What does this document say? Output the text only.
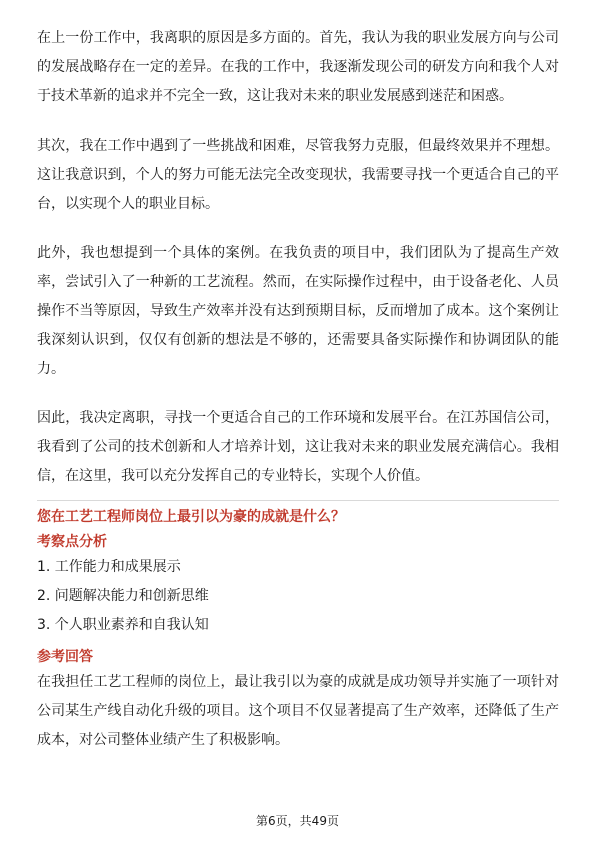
在上一份工作中，我离职的原因是多方面的。首先，我认为我的职业发展方向与公司的发展战略存在一定的差异。在我的工作中，我逐渐发现公司的研发方向和我个人对于技术革新的追求并不完全一致，这让我对未来的职业发展感到迷茫和困惑。

其次，我在工作中遇到了一些挑战和困难，尽管我努力克服，但最终效果并不理想。这让我意识到，个人的努力可能无法完全改变现状，我需要寻找一个更适合自己的平台，以实现个人的职业目标。

此外，我也想提到一个具体的案例。在我负责的项目中，我们团队为了提高生产效率，尝试引入了一种新的工艺流程。然而，在实际操作过程中，由于设备老化、人员操作不当等原因，导致生产效率并没有达到预期目标，反而增加了成本。这个案例让我深刻认识到，仅仅有创新的想法是不够的，还需要具备实际操作和协调团队的能力。

因此，我决定离职，寻找一个更适合自己的工作环境和发展平台。在江苏国信公司，我看到了公司的技术创新和人才培养计划，这让我对未来的职业发展充满信心。我相信，在这里，我可以充分发挥自己的专业特长，实现个人价值。

您在工艺工程师岗位上最引以为豪的成就是什么？
考察点分析
1. 工作能力和成果展示
2. 问题解决能力和创新思维
3. 个人职业素养和自我认知
参考回答

在我担任工艺工程师的岗位上，最让我引以为豪的成就是成功领导并实施了一项针对公司某生产线自动化升级的项目。这个项目不仅显著提高了生产效率，还降低了生产成本，对公司整体业绩产生了积极影响。

第6页，共49页
